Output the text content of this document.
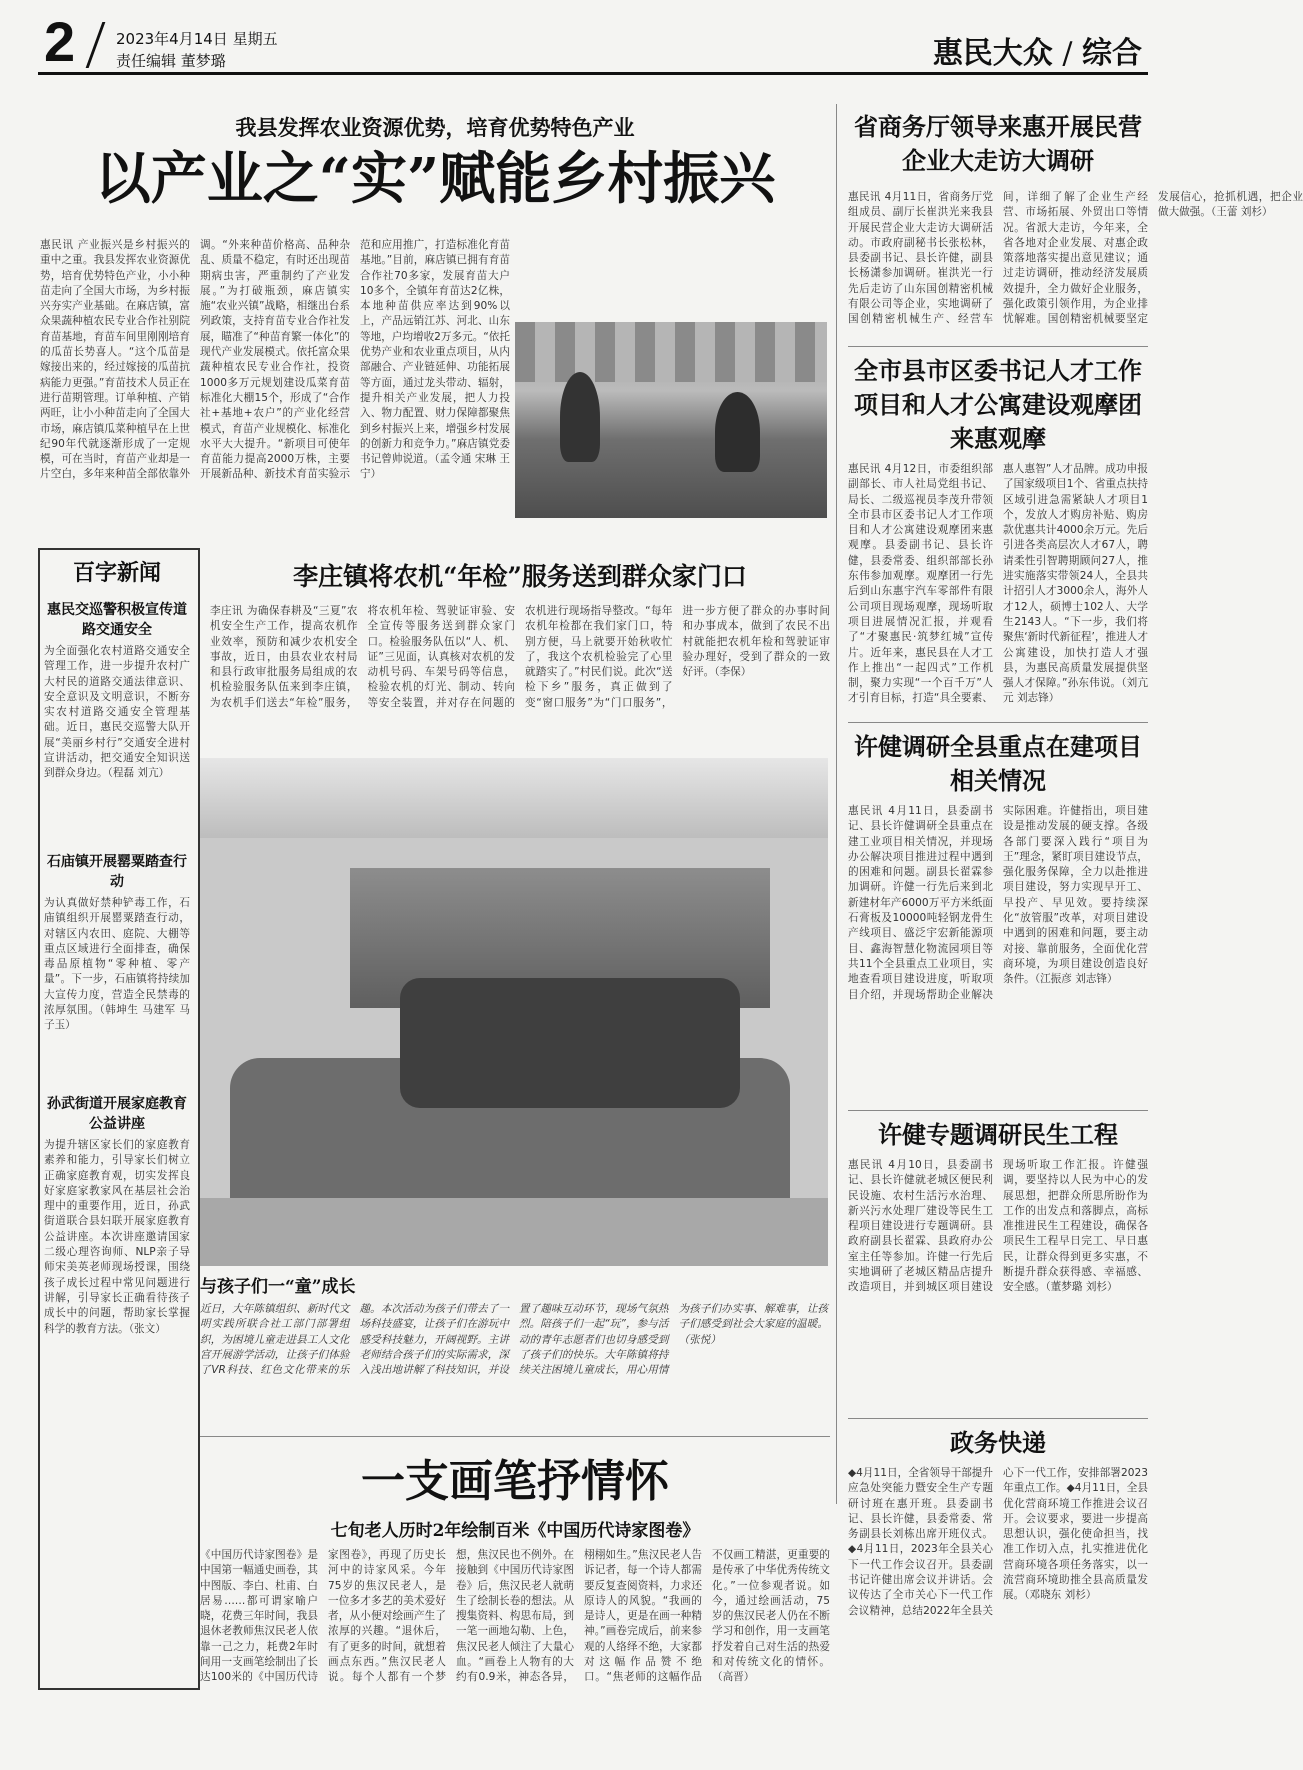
2	2023年4月14日 星期五
责任编辑 董梦璐	惠民大众 / 综合
我县发挥农业资源优势，培育优势特色产业
以产业之“实”赋能乡村振兴
惠民讯 产业振兴是乡村振兴的重中之重。我县发挥农业资源优势，培育优势特色产业，小小种苗走向了全国大市场，为乡村振兴夯实产业基础。在麻店镇，富众果蔬种植农民专业合作社别院育苗基地，育苗车间里刚刚培育的瓜苗长势喜人。“这个瓜苗是嫁接出来的，经过嫁接的瓜苗抗病能力更强。”育苗技术人员正在进行苗期管理。订单种植、产销两旺，让小小种苗走向了全国大市场，麻店镇瓜菜种植早在上世纪90年代就逐渐形成了一定规模，可在当时，育苗产业却是一片空白，多年来种苗全部依靠外调。“外来种苗价格高、品种杂乱、质量不稳定，有时还出现苗期病虫害，严重制约了产业发展。”为打破瓶颈，麻店镇实施“农业兴镇”战略，相继出台系列政策，支持育苗专业合作社发展，瞄准了“种苗育繁一体化”的现代产业发展模式。依托富众果蔬种植农民专业合作社，投资1000多万元规划建设瓜菜育苗标准化大棚15个，形成了“合作社+基地+农户”的产业化经营模式，育苗产业规模化、标准化水平大大提升。“新项目可使年育苗能力提高2000万株，主要开展新品种、新技术育苗实验示范和应用推广，打造标准化育苗基地。”目前，麻店镇已拥有育苗合作社70多家，发展育苗大户10多个，全镇年育苗达2亿株，本地种苗供应率达到90%以上，产品远销江苏、河北、山东等地，户均增收2万多元。“依托优势产业和农业重点项目，从内部融合、产业链延伸、功能拓展等方面，通过龙头带动、辐射，提升相关产业发展，把人力投入、物力配置、财力保障都聚焦到乡村振兴上来，增强乡村发展的创新力和竞争力。”麻店镇党委书记曾帅说道。（孟令通 宋琳 王宁）
省商务厅领导来惠开展民营企业大走访大调研
惠民讯 4月11日，省商务厅党组成员、副厅长崔洪光来我县开展民营企业大走访大调研活动。市政府副秘书长张松林，县委副书记、县长许健，副县长杨潇参加调研。崔洪光一行先后走访了山东国创精密机械有限公司等企业，实地调研了国创精密机械生产、经营车间，详细了解了企业生产经营、市场拓展、外贸出口等情况。省派大走访，今年来，全省各地对企业发展、对惠企政策落地落实提出意见建议；通过走访调研，推动经济发展质效提升，全力做好企业服务，强化政策引领作用，为企业排忧解难。国创精密机械要坚定发展信心，抢抓机遇，把企业做大做强。（王蕾 刘杉）
全市县市区委书记人才工作项目和人才公寓建设观摩团来惠观摩
惠民讯 4月12日，市委组织部副部长、市人社局党组书记、局长、二级巡视员李茂升带领全市县市区委书记人才工作项目和人才公寓建设观摩团来惠观摩。县委副书记、县长许健，县委常委、组织部部长孙东伟参加观摩。观摩团一行先后到山东惠宇汽车零部件有限公司项目现场观摩，现场听取项目进展情况汇报，并观看了“才聚惠民·筑梦红城”宣传片。近年来，惠民县在人才工作上推出“一起四式”工作机制，聚力实现“一个百千万”人才引育目标，打造“具全要素、惠人惠智”人才品牌。成功申报了国家级项目1个、省重点扶持区域引进急需紧缺人才项目1个，发放人才购房补贴、购房款优惠共计4000余万元。先后引进各类高层次人才67人，聘请柔性引智聘期顾问27人，推进实施落实带领24人，全县共计招引人才3000余人，海外人才12人，硕博士102人、大学生2143人。“下一步，我们将聚焦‘新时代新征程’，推进人才公寓建设，加快打造人才强县，为惠民高质量发展提供坚强人才保障。”孙东伟说。（刘亢元 刘志锋）
许健调研全县重点在建项目相关情况
惠民讯 4月11日，县委副书记、县长许健调研全县重点在建工业项目相关情况，并现场办公解决项目推进过程中遇到的困难和问题。副县长翟霖参加调研。许健一行先后来到北新建材年产6000万平方米纸面石膏板及10000吨轻钢龙骨生产线项目、盛泛宇宏新能源项目、鑫海智慧化物流园项目等共11个全县重点工业项目，实地查看项目建设进度，听取项目介绍，并现场帮助企业解决实际困难。许健指出，项目建设是推动发展的硬支撑。各级各部门要深入践行“项目为王”理念，紧盯项目建设节点，强化服务保障，全力以赴推进项目建设，努力实现早开工、早投产、早见效。要持续深化“放管服”改革，对项目建设中遇到的困难和问题，要主动对接、靠前服务，全面优化营商环境，为项目建设创造良好条件。（江振彦 刘志锋）
许健专题调研民生工程
惠民讯 4月10日，县委副书记、县长许健就老城区便民利民设施、农村生活污水治理、新兴污水处理厂建设等民生工程项目建设进行专题调研。县政府副县长翟霖、县政府办公室主任等参加。许健一行先后实地调研了老城区精品店提升改造项目，并到城区项目建设现场听取工作汇报。许健强调，要坚持以人民为中心的发展思想，把群众所思所盼作为工作的出发点和落脚点，高标准推进民生工程建设，确保各项民生工程早日完工、早日惠民，让群众得到更多实惠，不断提升群众获得感、幸福感、安全感。（董梦璐 刘杉）
政务快递
◆4月11日，全省领导干部提升应急处突能力暨安全生产专题研讨班在惠开班。县委副书记、县长许健，县委常委、常务副县长刘栋出席开班仪式。◆4月11日，2023年全县关心下一代工作会议召开。县委副书记许健出席会议并讲话。会议传达了全市关心下一代工作会议精神，总结2022年全县关心下一代工作，安排部署2023年重点工作。◆4月11日，全县优化营商环境工作推进会议召开。会议要求，要进一步提高思想认识，强化使命担当，找准工作切入点，扎实推进优化营商环境各项任务落实，以一流营商环境助推全县高质量发展。（邓晓东 刘杉）
百字新闻
惠民交巡警积极宣传道路交通安全
为全面强化农村道路交通安全管理工作，进一步提升农村广大村民的道路交通法律意识、安全意识及文明意识，不断夯实农村道路交通安全管理基础。近日，惠民交巡警大队开展“美丽乡村行”交通安全进村宣讲活动，把交通安全知识送到群众身边。（程磊 刘亢）
石庙镇开展罂粟踏查行动
为认真做好禁种铲毒工作，石庙镇组织开展罂粟踏查行动，对辖区内农田、庭院、大棚等重点区域进行全面排查，确保毒品原植物“零种植、零产量”。下一步，石庙镇将持续加大宣传力度，营造全民禁毒的浓厚氛围。（韩坤生 马建军 马子玉）
孙武街道开展家庭教育公益讲座
为提升辖区家长们的家庭教育素养和能力，引导家长们树立正确家庭教育观，切实发挥良好家庭家教家风在基层社会治理中的重要作用，近日，孙武街道联合县妇联开展家庭教育公益讲座。本次讲座邀请国家二级心理咨询师、NLP亲子导师宋美英老师现场授课，围绕孩子成长过程中常见问题进行讲解，引导家长正确看待孩子成长中的问题，帮助家长掌握科学的教育方法。（张文）
李庄镇将农机“年检”服务送到群众家门口
李庄讯 为确保春耕及“三夏”农机安全生产工作，提高农机作业效率，预防和减少农机安全事故，近日，由县农业农村局和县行政审批服务局组成的农机检验服务队伍来到李庄镇，为农机手们送去“年检”服务，将农机年检、驾驶证审验、安全宣传等服务送到群众家门口。检验服务队伍以“人、机、证”三见面，认真核对农机的发动机号码、车架号码等信息，检验农机的灯光、制动、转向等安全装置，并对存在问题的农机进行现场指导整改。“每年农机年检都在我们家门口，特别方便，马上就要开始秋收忙了，我这个农机检验完了心里就踏实了。”村民们说。此次“送检下乡”服务，真正做到了变“窗口服务”为“门口服务”，进一步方便了群众的办事时间和办事成本，做到了农民不出村就能把农机年检和驾驶证审验办理好，受到了群众的一致好评。（李保）
与孩子们一“童”成长
近日，大年陈镇组织、新时代文明实践所联合社工部门部署组织，为困境儿童走进县工人文化宫开展游学活动，让孩子们体验了VR科技、红色文化带来的乐趣。本次活动为孩子们带去了一场科技盛宴，让孩子们在游玩中感受科技魅力，开阔视野。主讲老师结合孩子们的实际需求，深入浅出地讲解了科技知识，并设置了趣味互动环节，现场气氛热烈。陪孩子们一起“玩”，参与活动的青年志愿者们也切身感受到了孩子们的快乐。大年陈镇将持续关注困境儿童成长，用心用情为孩子们办实事、解难事，让孩子们感受到社会大家庭的温暖。（张悦）
一支画笔抒情怀
七旬老人历时2年绘制百米《中国历代诗家图卷》
《中国历代诗家图卷》是中国第一幅通史画卷，其中图版、李白、杜甫、白居易……都可谓家喻户晓，花费三年时间，我县退休老教师焦汉民老人依靠一己之力，耗费2年时间用一支画笔绘制出了长达100米的《中国历代诗家图卷》，再现了历史长河中的诗家风采。今年75岁的焦汉民老人，是一位多才多艺的美术爱好者，从小便对绘画产生了浓厚的兴趣。“退休后，有了更多的时间，就想着画点东西。”焦汉民老人说。每个人都有一个梦想，焦汉民也不例外。在接触到《中国历代诗家图卷》后，焦汉民老人就萌生了绘制长卷的想法。从搜集资料、构思布局，到一笔一画地勾勒、上色，焦汉民老人倾注了大量心血。“画卷上人物有的大约有0.9米，神态各异，栩栩如生。”焦汉民老人告诉记者，每一个诗人都需要反复查阅资料，力求还原诗人的风貌。“我画的是诗人，更是在画一种精神。”画卷完成后，前来参观的人络绎不绝，大家都对这幅作品赞不绝口。“焦老师的这幅作品不仅画工精湛，更重要的是传承了中华优秀传统文化。”一位参观者说。如今，通过绘画活动，75岁的焦汉民老人仍在不断学习和创作，用一支画笔抒发着自己对生活的热爱和对传统文化的情怀。（高晋）
